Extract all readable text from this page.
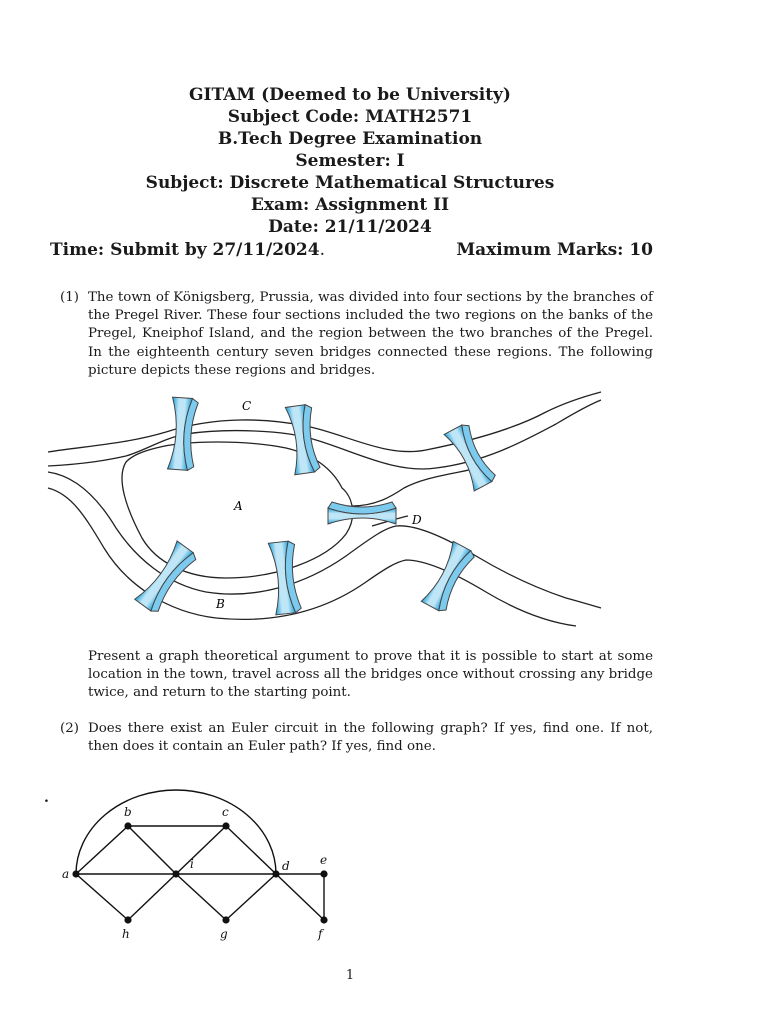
GITAM (Deemed to be University)
Subject Code: MATH2571
B.Tech Degree Examination
Semester: I
Subject: Discrete Mathematical Structures
Exam: Assignment II
Date: 21/11/2024
Time: Submit by 27/11/2024.	Maximum Marks: 10
(1) The town of Königsberg, Prussia, was divided into four sections by the branches of the Pregel River. These four sections included the two regions on the banks of the Pregel, Kneiphof Island, and the region between the two branches of the Pregel. In the eighteenth century seven bridges connected these regions. The following picture depicts these regions and bridges.
C
A
D
B
Present a graph theoretical argument to prove that it is possible to start at some location in the town, travel across all the bridges once without crossing any bridge twice, and return to the starting point.
(2) Does there exist an Euler circuit in the following graph? If yes, find one. If not, then does it contain an Euler path? If yes, find one.
.
a
b	c
i	d	e
h	g	f
1
